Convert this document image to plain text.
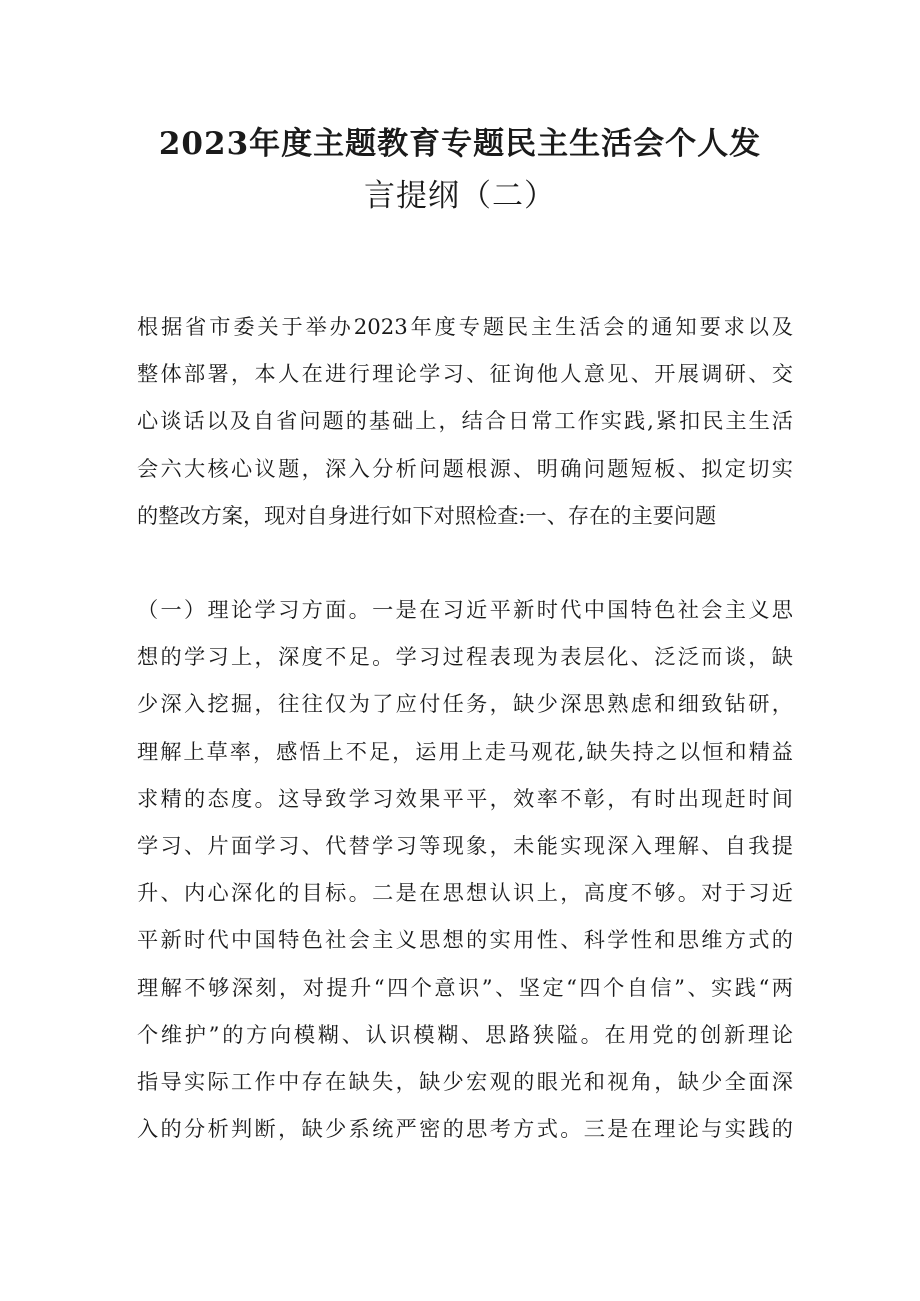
2023年度主题教育专题民主生活会个人发
言提纲（二）

根据省市委关于举办2023年度专题民主生活会的通知要求以及
整体部署，本人在进行理论学习、征询他人意见、开展调研、交
心谈话以及自省问题的基础上，结合日常工作实践,紧扣民主生活
会六大核心议题，深入分析问题根源、明确问题短板、拟定切实
的整改方案，现对自身进行如下对照检查:一、存在的主要问题

（一）理论学习方面。一是在习近平新时代中国特色社会主义思
想的学习上，深度不足。学习过程表现为表层化、泛泛而谈，缺
少深入挖掘，往往仅为了应付任务，缺少深思熟虑和细致钻研，
理解上草率，感悟上不足，运用上走马观花,缺失持之以恒和精益
求精的态度。这导致学习效果平平，效率不彰，有时出现赶时间
学习、片面学习、代替学习等现象，未能实现深入理解、自我提
升、内心深化的目标。二是在思想认识上，高度不够。对于习近
平新时代中国特色社会主义思想的实用性、科学性和思维方式的
理解不够深刻，对提升“四个意识”、坚定“四个自信”、实践“两
个维护”的方向模糊、认识模糊、思路狭隘。在用党的创新理论
指导实际工作中存在缺失，缺少宏观的眼光和视角，缺少全面深
入的分析判断，缺少系统严密的思考方式。三是在理论与实践的
